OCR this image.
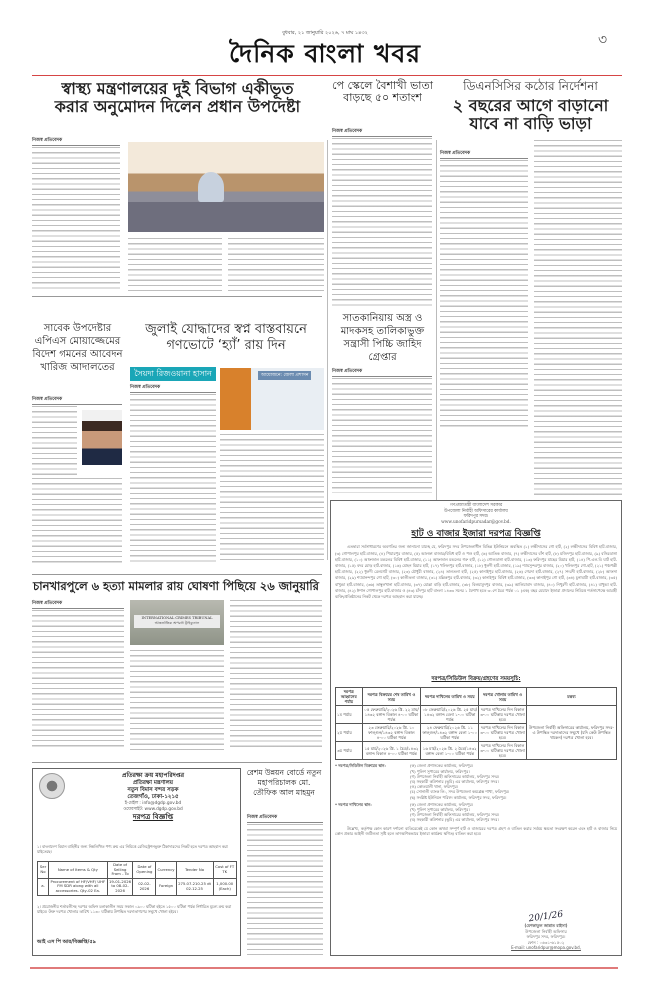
বুধবার, ২১ জানুয়ারি ২০২৬, ৭ মাঘ ১৪৩২	৩
দৈনিক বাংলা খবর
স্বাস্থ্য মন্ত্রণালয়ের দুই বিভাগ একীভূত
করার অনুমোদন দিলেন প্রধান উপদেষ্টা
নিজস্ব প্রতিবেদক
পে স্কেলে বৈশাখী ভাতা বাড়ছে ৫০ শতাংশ
নিজস্ব প্রতিবেদক
ডিএনসিসির কঠোর নির্দেশনা
২ বছরের আগে বাড়ানো
যাবে না বাড়ি ভাড়া
নিজস্ব প্রতিবেদক
সাবেক উপদেষ্টার এপিএস মোয়াজ্জেমের বিদেশ গমনের আবেদন খারিজ আদালতের
নিজস্ব প্রতিবেদক
জুলাই যোদ্ধাদের স্বপ্ন বাস্তবায়নে
গণভোটে ‘হ্যাঁ’ রায় দিন
সৈয়দা রিজওয়ানা হাসান
নিজস্ব প্রতিবেদক
আয়োজনে: জেলা প্রশাসন
সাতকানিয়ায় অস্ত্র ও মাদকসহ তালিকাভুক্ত সন্ত্রাসী পিচ্চি জাহিদ গ্রেপ্তার
নিজস্ব প্রতিবেদক
চানখারপুলে ৬ হত্যা মামলার রায় ঘোষণা পিছিয়ে ২৬ জানুয়ারি
নিজস্ব প্রতিবেদক
INTERNATIONAL CRIMES TRIBUNAL
আন্তর্জাতিক অপরাধ ট্রাইব্যুনাল
প্রতিরক্ষা ক্রয় মহাপরিদপ্তর
প্রতিরক্ষা মন্ত্রণালয়
নতুন বিমান বন্দর সড়ক
তেজগাঁও, ঢাকা-১২১৫
ই-মেইল : info@dgdp.gov.bd
ওয়েবসাইট: www.dgdp.gov.bd
দরপত্র বিজ্ঞপ্তি
১। বাংলাদেশ বিমান বাহিনীর জন্য নিম্নলিখিত পণ্য ক্রয় এর নিমিত্তে রেজিস্ট্রেশনভুক্ত ঠিকাদারদের নিকট হতে দরপত্র আহবান করা যাইতেছে।
Ser No	Name of Items & Qty	Date of Selling From - To	Date of Opening	Currency	Tender No	Cost of FT TK
a.	Procurement of HF/VHF/ UHF FM SDR along with all accessories. Qty-02 Ea.	19-01-2026 to 08-02-2026	02-02-2026	Foreign	275.07.210.25 dt 02.12.25	1,000.00 (Each)
২। প্রয়োজনীয় শর্তাবলীসহ দরপত্র অফিস চলাকালীন সময় সকাল ০৯০০ ঘটিকা হইতে ১৫০০ ঘটিকা পর্যন্ত নির্ধারিত মূল্যে ক্রয় করা যাইবে। উক্ত দরপত্র খোলার তারিখ ১১৩০ ঘটিকায় উপস্থিত দরদাতাগণের সম্মুখে খোলা হইবে।
আই এস পি আর/বিজ্ঞপ্তি/৫৯
রেশম উন্নয়ন বোর্ডে নতুন মহাপরিচালক মো. তৌফিক আল মাহমুন
নিজস্ব প্রতিবেদক
গণপ্রজাতন্ত্রী বাংলাদেশ সরকার
উপজেলা নির্বাহী অফিসারের কার্যালয়
ফরিদপুর সদর।
www.unofaridpursadar@gov.bd.
হাট ও বাজার ইজারা দরপত্র বিজ্ঞপ্তি
এতদ্বারা সর্বসাধারণের অবগতির জন্য জানানো যাচ্ছে যে, ফরিদপুর সদর উপজেলাধীন বিভিন্ন ইউনিয়নে অবস্থিত (১) লক্ষীদাসের গো হাট, (২) লক্ষীদাসের বিবিধ হাট-বাজার, (৩) গোপালপুর হাট-বাজার, (৪) পিয়ারপুর বাজার, (৫) আলফা বাজার/বিবিধ হাট ও পশু হাট, (৬) আতিক বাজার, (৭) লক্ষীদাসের বাঁশ হাট, (৮) মজিদপুর হাট-বাজার, (৯) বসিরডাঙ্গা হাট-বাজার, (১০) আফজাল মন্ডলের বিবিধ হাট-বাজার, (১১) আফজাল মন্ডলের গরু হাট, (১২) গোলডাঙ্গা হাট-বাজার, (১৩) ফরিদপুর মাছের মিয়ার হাট, (১৪) পি.এল.বি ঘাট হাট-বাজার, (১৫) বদর মোড় হাট-বাজার, (১৬) মোহন মিয়ার হাট, (১৭) খলিলপুর হাট-বাজার, (১৮) ধুলদী হাট-বাজার, (১৯) শ্যামসুন্দরপুর বাজার, (২০) খলিলপুর গো-হাট, (২১) পঞ্চপল্লী হাট-বাজার, (২২) ধুলদী রেলগেট বাজার, (২৩) চৌধুরী বাজার, (২৪) তালতলা হাট, (২৫) কানাইপুর হাট-বাজার, (২৬) গেরদা হাট-বাজার, (২৭) সদরদী হাট-বাজার, (২৮) আফসা বাজার, (২৯) শ্যামানন্দপুর গো হাট, (৩০) কালীতলা বাজার, (৩১) মল্লিকপুর হাট-বাজার, (৩২) কানাইপুর বিবিধ হাট-বাজার, (৩৩) কানাইপুর গো হাট, (৩৪) চুনাঘাটা হাট-বাজার, (৩৫) বাখুন্ডা হাট-বাজার, (৩৬) তাম্বুলখানা হাট-বাজার, (৩৭) মোল্লা বাড়ি হাট-বাজার, (৩৮) বিলমামুদপুর বাজার, (৩৯) আলিয়াবাদ বাজার, (৪০) নিখুরদী হাট-বাজার, (৪১) বাখুন্ডা হাট-বাজার, (৪২) ঈশান গোপালপুর হাট-বাজার ও (৪৩) চাঁদপুর হাট বাংলা ১৪৩৩ সনের ১ বৈশাখ হতে ৩০শে চৈত্র পর্যন্ত ০১ (এক) বছর মেয়াদে ইজারা প্রদানের নিমিত্তে শর্তসাপেক্ষে আগ্রহী ব্যক্তি/প্রতিষ্ঠানের নিকট থেকে দরপত্র আহবান করা যাচ্ছে।
দরপত্র/সিডিউল বিক্রয়/গ্রহণের সময়সূচি:
দরপত্র আহ্বানের পর্যায়	দরপত্র বিক্রয়ের শেষ তারিখ ও সময়	দরপত্র দাখিলের তারিখ ও সময়	দরপত্র খোলার তারিখ ও সময়	মন্তব্য
১ম পর্যায়	০৫ ফেব্রুয়ারি/২০২৬ খ্রি. ২২ মাঘ/১৪৩২ বঙ্গাব্দ বিকাল ৪-০০ ঘটিকা পর্যন্ত	০৮ ফেব্রুয়ারি/২০২৬ খ্রি. ২৫ মাঘ/১৪৩২ বঙ্গাব্দ বেলা ১-০০ ঘটিকা পর্যন্ত	দরপত্র দাখিলের দিন বিকাল ৩-০০ ঘটিকায় দরপত্র খোলা হবে।	উপজেলা নির্বাহী অফিসারের কার্যালয়, ফরিদপুর সদর-এ উপস্থিত দরদাতাদের সম্মুখে (যদি কেউ উপস্থিত থাকেন) দরপত্র খোলা হবে।
২য় পর্যায়	২৩ ফেব্রুয়ারি/২০২৬ খ্রি. ১০ ফাল্গুন/১৪৩২ বঙ্গাব্দ বিকাল ৪-০০ ঘটিকা পর্যন্ত	২৪ ফেব্রুয়ারি/২০২৬ খ্রি. ১১ ফাল্গুন/১৪৩২ বঙ্গাব্দ বেলা ১-০০ ঘটিকা পর্যন্ত	দরপত্র দাখিলের দিন বিকাল ৩-০০ ঘটিকায় দরপত্র খোলা হবে।	
৩য় পর্যায়	১৫ মার্চ/২০২৬ খ্রি. ১ চৈত্র/১৪৩২ বঙ্গাব্দ বিকাল ৪-০০ ঘটিকা পর্যন্ত	১৬ মার্চ/২০২৬ খ্রি. ২ চৈত্র/১৪৩২ বঙ্গাব্দ বেলা ১-০০ ঘটিকা পর্যন্ত	দরপত্র দাখিলের দিন বিকাল ৩-০০ ঘটিকায় দরপত্র খোলা হবে।	
* দরপত্র/সিডিউল বিক্রয়ের স্থান:	(ক) জেলা প্রশাসকের কার্যালয়, ফরিদপুর।
(খ) পুলিশ সুপারের কার্যালয়, ফরিদপুর।
(গ) উপজেলা নির্বাহী অফিসারের কার্যালয়, ফরিদপুর সদর।
(ঘ) সহকারী কমিশনার (ভূমি) এর কার্যালয়, ফরিদপুর সদর।
(ঙ) কোতয়ালী থানা, ফরিদপুর।
(চ) সোনালী ব্যাংক লি:, সদর উপজেলা কমপ্লেক্স শাখা, ফরিদপুর।
(ছ) সংশ্লিষ্ট ইউনিয়ন পরিষদ কার্যালয়, ফরিদপুর সদর, ফরিদপুর।
* দরপত্র দাখিলের স্থান:	(ক) জেলা প্রশাসকের কার্যালয়, ফরিদপুর।
(খ) পুলিশ সুপারের কার্যালয়, ফরিদপুর।
(গ) উপজেলা নির্বাহী অফিসারের কার্যালয়, ফরিদপুর সদর।
(ঘ) সহকারী কমিশনার (ভূমি) এর কার্যালয়, ফরিদপুর সদর।
উল্লেখ্য, কর্তৃপক্ষ কোন কারণ দর্শানো ব্যতিরেকেই যে কোন অথবা সম্পূর্ণ হাট ও বাজারের দরপত্র গ্রহণ ও বাতিল করার সর্বময় ক্ষমতা সংরক্ষণ করেন এবং হাট ও বাজার নিয়ে কোন প্রকার আইনী জটিলতা সৃষ্টি হলে তাৎক্ষণিকভাবে ইজারা কার্যক্রম স্থগিত/ বাতিল করা হবে।
20/1/26
(মেশকাতুল জান্নাত রাইসা)
উপজেলা নির্বাহী অফিসার
ফরিদপুর সদর, ফরিদপুর।
ফোন : ০৬৩১-৬১৫০২
E-mail: unofaridpur@mopa.gov.bd,
